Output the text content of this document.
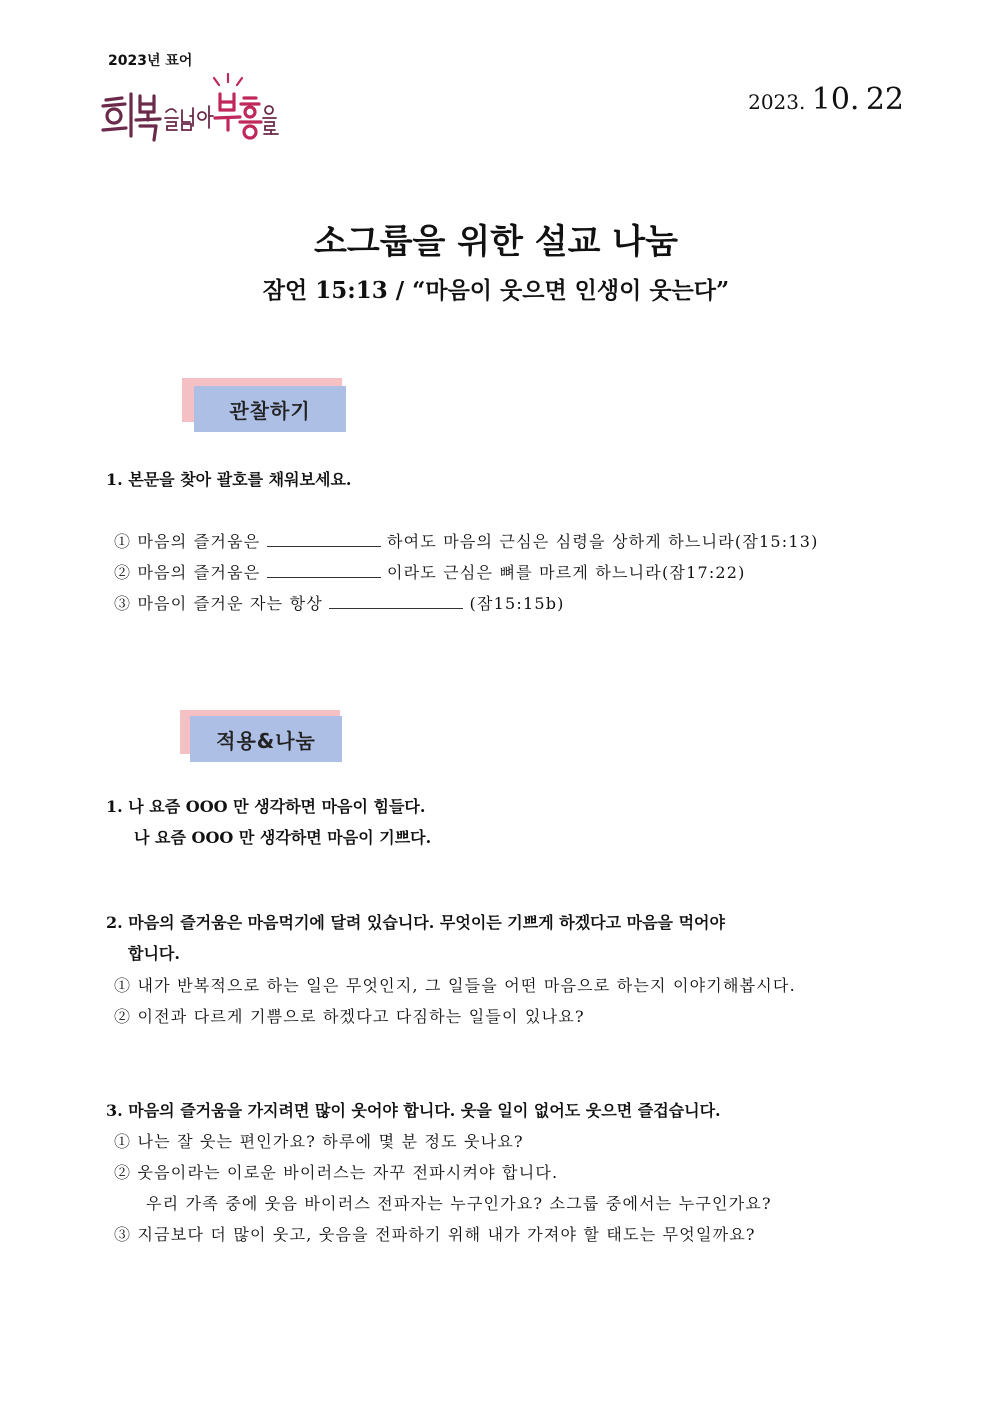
2023년 표어
2023. 10. 22
소그룹을 위한 설교 나눔
잠언 15:13 / “마음이 웃으면 인생이 웃는다”
관찰하기
1. 본문을 찾아 괄호를 채워보세요.
① 마음의 즐거움은	하여도 마음의 근심은 심령을 상하게 하느니라(잠15:13)
② 마음의 즐거움은	이라도 근심은 뼈를 마르게 하느니라(잠17:22)
③ 마음이 즐거운 자는 항상	(잠15:15b)
적용&나눔
1. 나 요즘 OOO 만 생각하면 마음이 힘들다.
나 요즘 OOO 만 생각하면 마음이 기쁘다.
2. 마음의 즐거움은 마음먹기에 달려 있습니다. 무엇이든 기쁘게 하겠다고 마음을 먹어야
합니다.
① 내가 반복적으로 하는 일은 무엇인지, 그 일들을 어떤 마음으로 하는지 이야기해봅시다.
② 이전과 다르게 기쁨으로 하겠다고 다짐하는 일들이 있나요?
3. 마음의 즐거움을 가지려면 많이 웃어야 합니다. 웃을 일이 없어도 웃으면 즐겁습니다.
① 나는 잘 웃는 편인가요? 하루에 몇 분 정도 웃나요?
② 웃음이라는 이로운 바이러스는 자꾸 전파시켜야 합니다.
우리 가족 중에 웃음 바이러스 전파자는 누구인가요? 소그룹 중에서는 누구인가요?
③ 지금보다 더 많이 웃고, 웃음을 전파하기 위해 내가 가져야 할 태도는 무엇일까요?
